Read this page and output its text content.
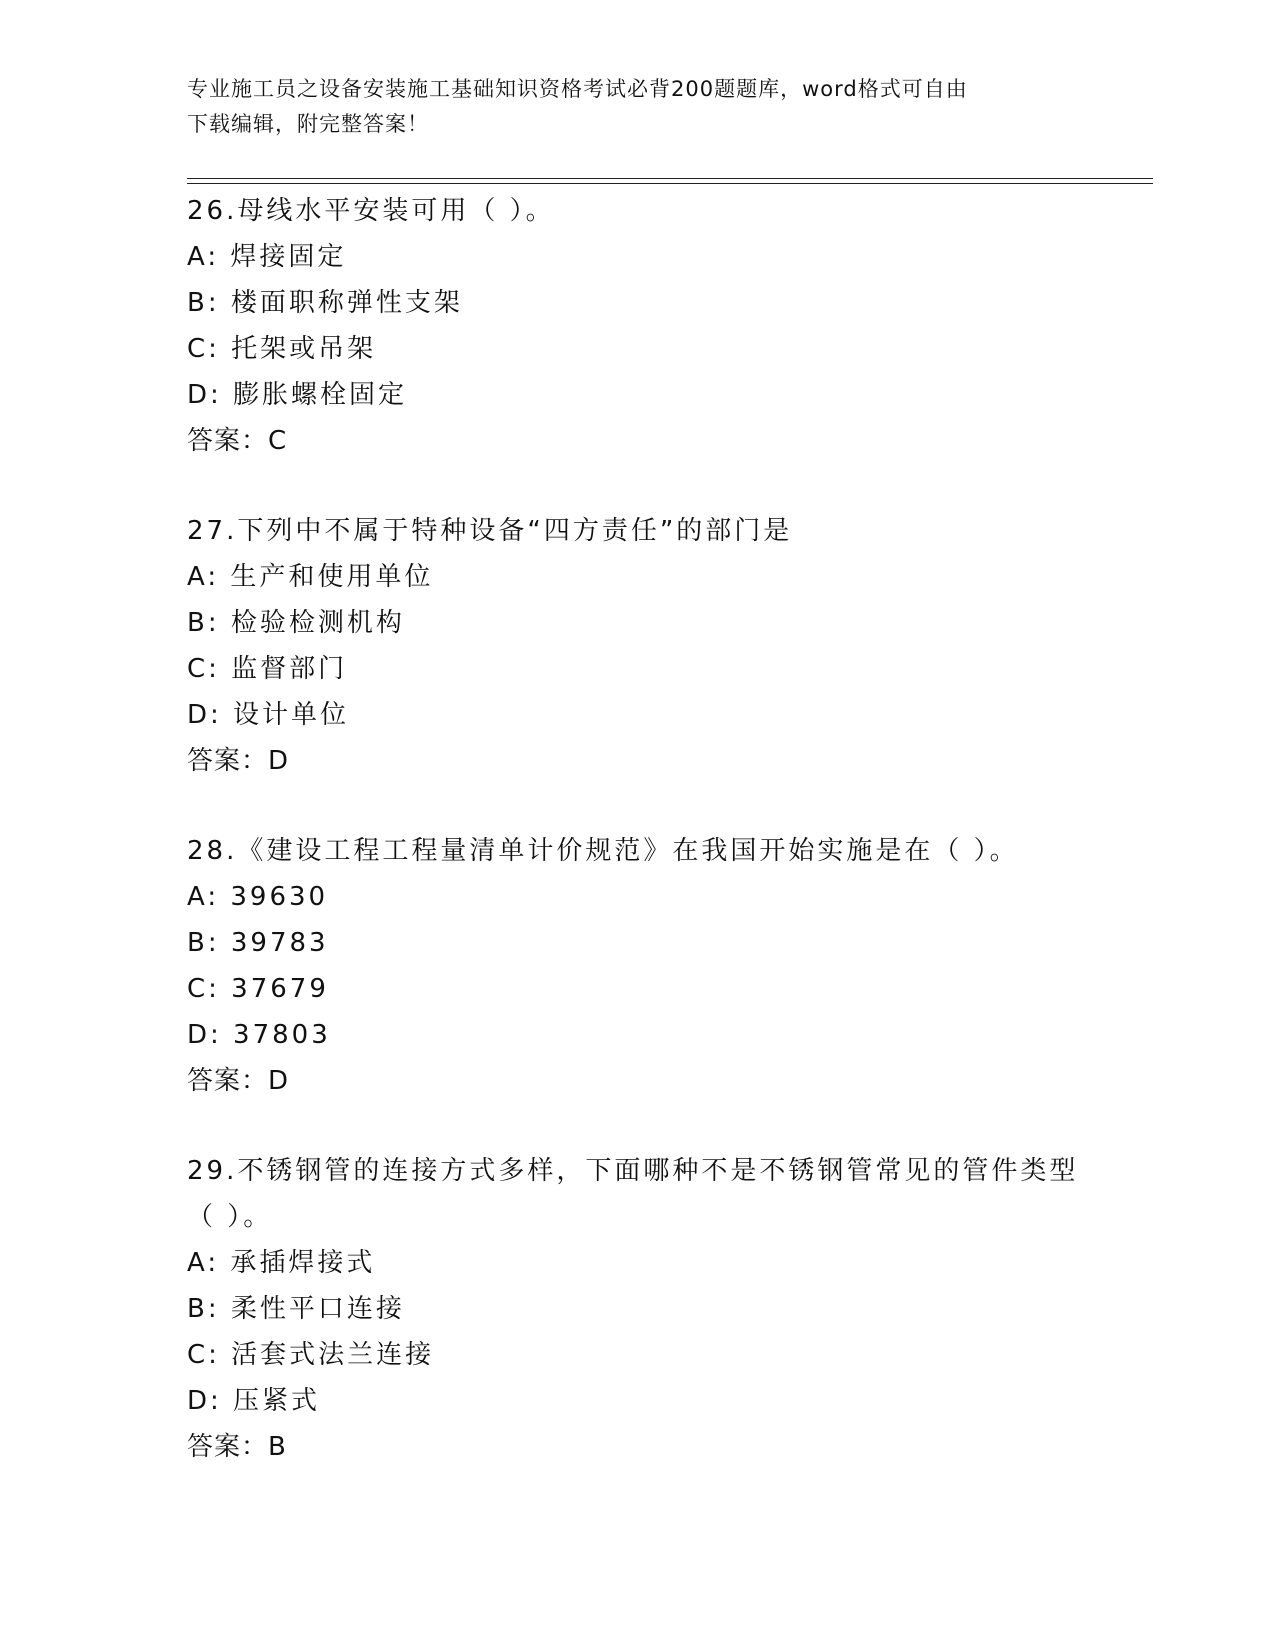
专业施工员之设备安装施工基础知识资格考试必背200题题库，word格式可自由
下载编辑，附完整答案！
26.母线水平安装可用（ ）。
A: 焊接固定
B: 楼面职称弹性支架
C: 托架或吊架
D: 膨胀螺栓固定
答案：C
27.下列中不属于特种设备“四方责任”的部门是
A: 生产和使用单位
B: 检验检测机构
C: 监督部门
D: 设计单位
答案：D
28.《建设工程工程量清单计价规范》在我国开始实施是在（ ）。
A: 39630
B: 39783
C: 37679
D: 37803
答案：D
29.不锈钢管的连接方式多样，下面哪种不是不锈钢管常见的管件类型
（ ）。
A: 承插焊接式
B: 柔性平口连接
C: 活套式法兰连接
D: 压紧式
答案：B
